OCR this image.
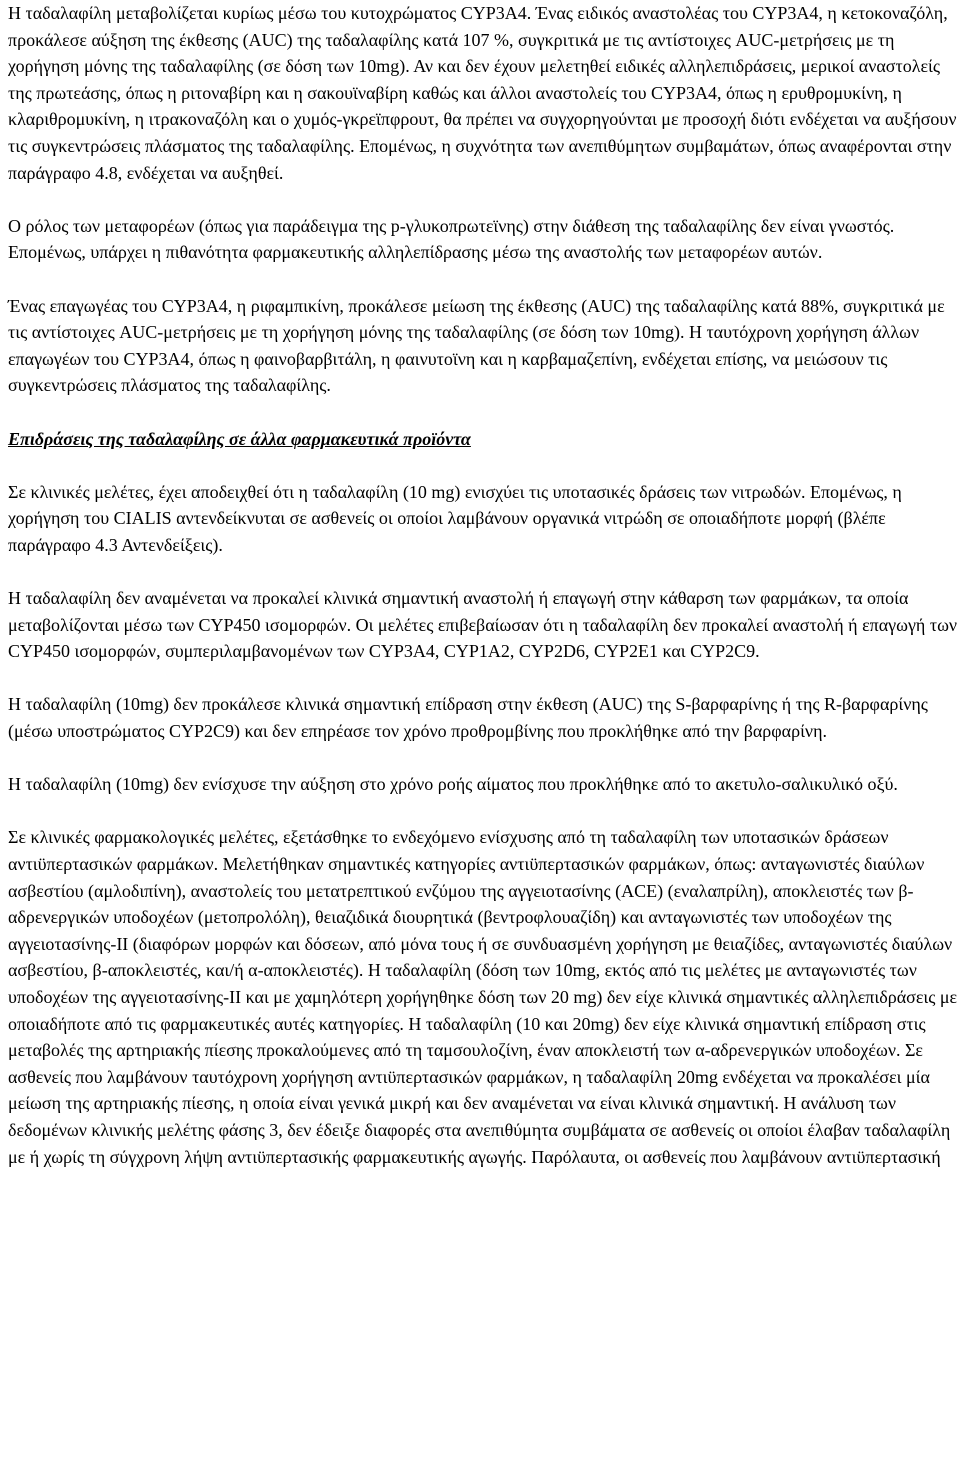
Η ταδαλαφίλη μεταβολίζεται κυρίως μέσω του κυτοχρώματος CYP3A4. Ένας ειδικός αναστολέας του CYP3A4, η κετοκοναζόλη, προκάλεσε αύξηση της έκθεσης (AUC) της ταδαλαφίλης κατά 107 %, συγκριτικά με τις αντίστοιχες AUC-μετρήσεις με τη χορήγηση μόνης της ταδαλαφίλης (σε δόση των 10mg). Αν και δεν έχουν μελετηθεί ειδικές αλληλεπιδράσεις, μερικοί αναστολείς της πρωτεάσης, όπως η ριτοναβίρη και η σακουϊναβίρη καθώς και άλλοι αναστολείς του CYP3A4, όπως η ερυθρομυκίνη, η κλαριθρομυκίνη, η ιτρακοναζόλη και ο χυμός-γκρεϊπφρουτ, θα πρέπει να συγχορηγούνται με προσοχή διότι ενδέχεται να αυξήσουν τις συγκεντρώσεις πλάσματος της ταδαλαφίλης. Επομένως, η συχνότητα των ανεπιθύμητων συμβαμάτων, όπως αναφέρονται στην παράγραφο 4.8, ενδέχεται να αυξηθεί.

Ο ρόλος των μεταφορέων (όπως για παράδειγμα της p-γλυκοπρωτεϊνης) στην διάθεση της ταδαλαφίλης δεν είναι γνωστός. Επομένως, υπάρχει η πιθανότητα φαρμακευτικής αλληλεπίδρασης μέσω της αναστολής των μεταφορέων αυτών.

Ένας επαγωγέας του CYP3A4, η ριφαμπικίνη, προκάλεσε μείωση της έκθεσης (AUC) της ταδαλαφίλης κατά 88%, συγκριτικά με τις αντίστοιχες AUC-μετρήσεις με τη χορήγηση μόνης της ταδαλαφίλης (σε δόση των 10mg). Η ταυτόχρονη χορήγηση άλλων επαγωγέων του CYP3A4, όπως η φαινοβαρβιτάλη, η φαινυτοϊνη και η καρβαμαζεπίνη, ενδέχεται επίσης, να μειώσουν τις συγκεντρώσεις πλάσματος της ταδαλαφίλης.

Επιδράσεις της ταδαλαφίλης σε άλλα φαρμακευτικά προϊόντα

Σε κλινικές μελέτες, έχει αποδειχθεί ότι η ταδαλαφίλη (10 mg) ενισχύει τις υποτασικές δράσεις των νιτρωδών. Επομένως, η χορήγηση του CIALIS αντενδείκνυται σε ασθενείς οι οποίοι λαμβάνουν οργανικά νιτρώδη σε οποιαδήποτε μορφή (βλέπε παράγραφο 4.3 Αντενδείξεις).

Η ταδαλαφίλη δεν αναμένεται να προκαλεί κλινικά σημαντική αναστολή ή επαγωγή στην κάθαρση των φαρμάκων, τα οποία μεταβολίζονται μέσω των CYP450 ισομορφών. Οι μελέτες επιβεβαίωσαν ότι η ταδαλαφίλη δεν προκαλεί αναστολή ή επαγωγή των CYP450 ισομορφών, συμπεριλαμβανομένων των CYP3A4, CYP1A2, CYP2D6, CYP2E1 και CYP2C9.

Η ταδαλαφίλη (10mg) δεν προκάλεσε κλινικά σημαντική επίδραση στην έκθεση (AUC) της S-βαρφαρίνης ή της R-βαρφαρίνης (μέσω υποστρώματος CYP2C9) και δεν επηρέασε τον χρόνο προθρομβίνης που προκλήθηκε από την βαρφαρίνη.

Η ταδαλαφίλη (10mg) δεν ενίσχυσε την αύξηση στο χρόνο ροής αίματος που προκλήθηκε από το ακετυλο-σαλικυλικό οξύ.

Σε κλινικές φαρμακολογικές μελέτες, εξετάσθηκε το ενδεχόμενο ενίσχυσης από τη ταδαλαφίλη των υποτασικών δράσεων αντιϋπερτασικών φαρμάκων. Μελετήθηκαν σημαντικές κατηγορίες αντιϋπερτασικών φαρμάκων, όπως: ανταγωνιστές διαύλων ασβεστίου (αμλοδιπίνη), αναστολείς του μετατρεπτικού ενζύμου της αγγειοτασίνης (ACE) (εναλαπρίλη), αποκλειστές των β-αδρενεργικών υποδοχέων (μετοπρολόλη), θειαζιδικά διουρητικά (βεντροφλουαζίδη) και ανταγωνιστές των υποδοχέων της αγγειοτασίνης-ΙΙ (διαφόρων μορφών και δόσεων, από μόνα τους ή σε συνδυασμένη χορήγηση με θειαζίδες, ανταγωνιστές διαύλων ασβεστίου, β-αποκλειστές, και/ή α-αποκλειστές). Η ταδαλαφίλη (δόση των 10mg, εκτός από τις μελέτες με ανταγωνιστές των υποδοχέων της αγγειοτασίνης-ΙΙ και με χαμηλότερη χορήγηθηκε δόση των 20 mg) δεν είχε κλινικά σημαντικές αλληλεπιδράσεις με οποιαδήποτε από τις φαρμακευτικές αυτές κατηγορίες. Η ταδαλαφίλη (10 και 20mg) δεν είχε κλινικά σημαντική επίδραση στις μεταβολές της αρτηριακής πίεσης προκαλούμενες από τη ταμσουλοζίνη, έναν αποκλειστή των α-αδρενεργικών υποδοχέων. Σε ασθενείς που λαμβάνουν ταυτόχρονη χορήγηση αντιϋπερτασικών φαρμάκων, η ταδαλαφίλη 20mg ενδέχεται να προκαλέσει μία μείωση της αρτηριακής πίεσης, η οποία είναι γενικά μικρή και δεν αναμένεται να είναι κλινικά σημαντική. Η ανάλυση των δεδομένων κλινικής μελέτης φάσης 3, δεν έδειξε διαφορές στα ανεπιθύμητα συμβάματα σε ασθενείς οι οποίοι έλαβαν ταδαλαφίλη με ή χωρίς τη σύγχρονη λήψη αντιϋπερτασικής φαρμακευτικής αγωγής. Παρόλαυτα, οι ασθενείς που λαμβάνουν αντιϋπερτασική
